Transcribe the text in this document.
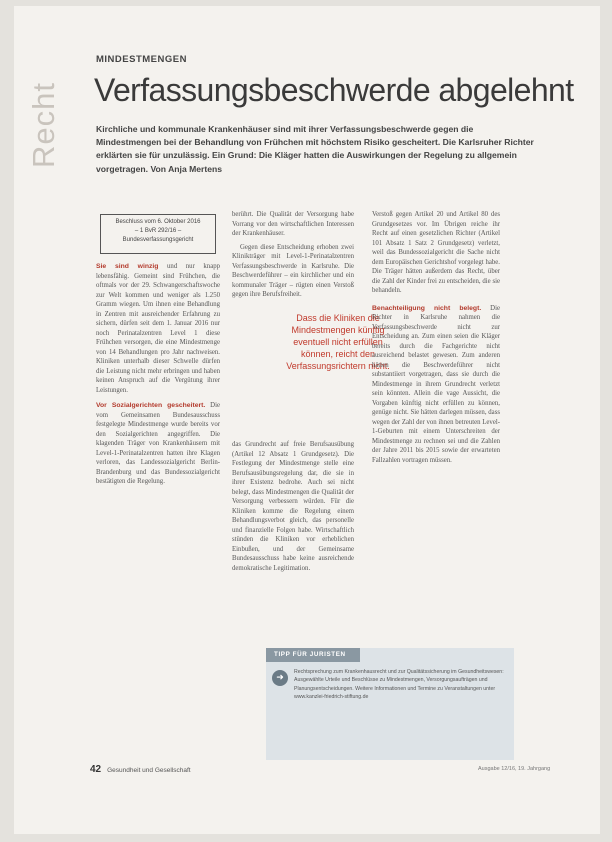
Recht
MINDESTMENGEN
Verfassungsbeschwerde abgelehnt

Kirchliche und kommunale Krankenhäuser sind mit ihrer Verfassungsbeschwerde gegen die Mindestmengen bei der Behandlung von Frühchen mit höchstem Risiko gescheitert. Die Karlsruher Richter erklärten sie für unzulässig. Ein Grund: Die Kläger hatten die Auswirkungen der Regelung zu allgemein vorgetragen. Von Anja Mertens

Beschluss vom 6. Oktober 2016
– 1 BvR 292/16 –
Bundesverfassungsgericht

Sie sind winzig und nur knapp lebensfähig. Gemeint sind Frühchen, die oftmals vor der 29. Schwangerschaftswoche zur Welt kommen und weniger als 1.250 Gramm wiegen. Um ihnen eine Behandlung in Zentren mit ausreichender Erfahrung zu sichern, dürfen seit dem 1. Januar 2016 nur noch Perinatalzentren Level 1 diese Frühchen versorgen, die eine Mindestmenge von 14 Behandlungen pro Jahr nachweisen. Kliniken unterhalb dieser Schwelle dürfen die Leistung nicht mehr erbringen und haben keinen Anspruch auf die Vergütung ihrer Leistungen.

Vor Sozialgerichten gescheitert. Die vom Gemeinsamen Bundesausschuss festgelegte Mindestmenge wurde bereits vor den Sozialgerichten angegriffen. Die klagenden Träger von Krankenhäusern mit Level-1-Perinatalzentren hatten ihre Klagen verloren, das Landessozialgericht Berlin-Brandenburg und das Bundessozialgericht bestätigten die Regelung.

berührt. Die Qualität der Versorgung habe Vorrang vor den wirtschaftlichen Interessen der Krankenhäuser.

Gegen diese Entscheidung erhoben zwei Klinikträger mit Level-1-Perinatalzentren Verfassungsbeschwerde in Karlsruhe. Die Beschwerdeführer – ein kirchlicher und ein kommunaler Träger – rügten einen Verstoß gegen ihre Berufsfreiheit.

Dass die Kliniken die
Mindestmengen künftig
eventuell nicht erfüllen
können, reicht den
Verfassungsrichtern nicht.

das Grundrecht auf freie Berufsausübung (Artikel 12 Absatz 1 Grundgesetz). Die Festlegung der Mindestmenge stelle eine Berufsausübungsregelung dar, die sie in ihrer Existenz bedrohe. Auch sei nicht belegt, dass Mindestmengen die Qualität der Versorgung verbessern würden. Für die Kliniken komme die Regelung einem Behandlungsverbot gleich, das personelle und finanzielle Folgen habe. Wirtschaftlich stünden die Kliniken vor erheblichen Einbußen, und der Gemeinsame Bundesausschuss habe keine ausreichende demokratische Legitimation.

Verstoß gegen Artikel 20 und Artikel 80 des Grundgesetzes vor. Im Übrigen reiche ihr Recht auf einen gesetzlichen Richter (Artikel 101 Absatz 1 Satz 2 Grundgesetz) verletzt, weil das Bundessozialgericht die Sache nicht dem Europäischen Gerichtshof vorgelegt habe. Die Träger hätten außerdem das Recht, über die Zahl der Kinder frei zu entscheiden, die sie behandeln.

Benachteiligung nicht belegt. Die Richter in Karlsruhe nahmen die Verfassungsbeschwerde nicht zur Entscheidung an. Zum einen seien die Kläger bereits durch die Fachgerichte nicht ausreichend belastet gewesen. Zum anderen hätten die Beschwerdeführer nicht substantiiert vorgetragen, dass sie durch die Mindestmenge in ihrem Grundrecht verletzt sein könnten. Allein die vage Aussicht, die Vorgaben künftig nicht erfüllen zu können, genüge nicht. Sie hätten darlegen müssen, dass wegen der Zahl der von ihnen betreuten Level-1-Geburten mit einem Unterschreiten der Mindestmenge zu rechnen sei und die Zahlen der Jahre 2011 bis 2015 sowie der erwarteten Fallzahlen vortragen müssen.

TIPP FÜR JURISTEN
➜

Rechtsprechung zum Krankenhausrecht und zur Qualitätssicherung im Gesundheitswesen: Ausgewählte Urteile und Beschlüsse zu Mindestmengen, Versorgungsaufträgen und Planungsentscheidungen. Weitere Informationen und Termine zu Veranstaltungen unter www.kanzlei-friedrich-stiftung.de

42 Gesundheit und Gesellschaft	Ausgabe 12/16, 19. Jahrgang
